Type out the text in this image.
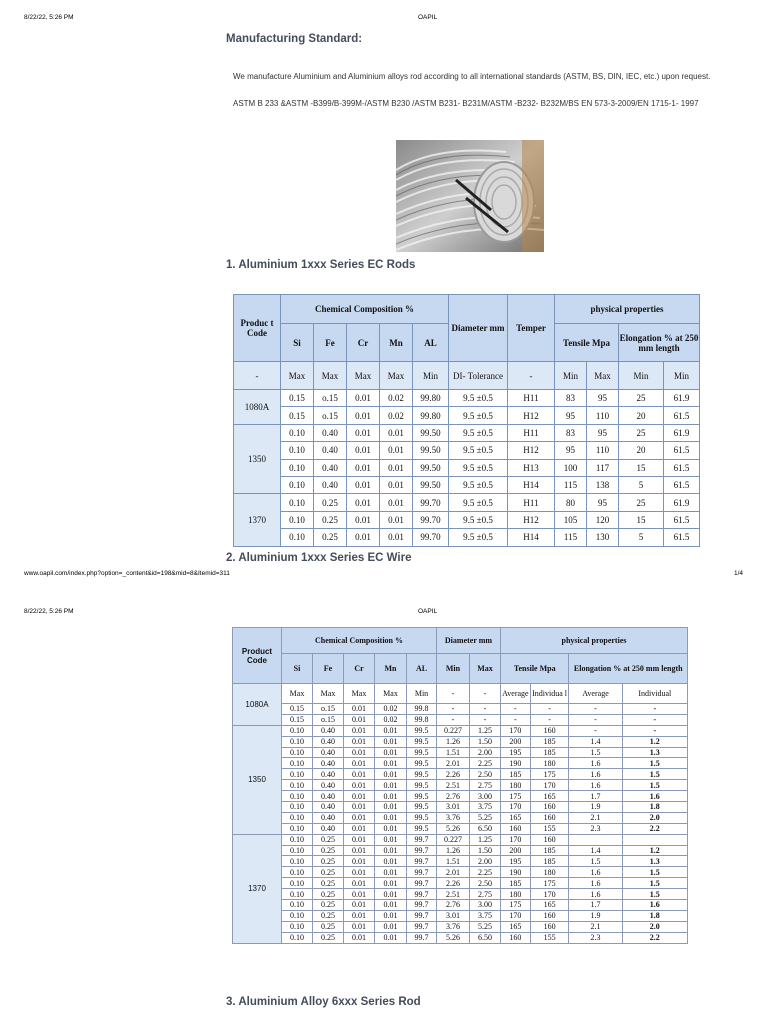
8/22/22, 5:26 PM	OAPIL
Manufacturing Standard:
We manufacture Aluminium and Aluminium alloys rod according to all international standards (ASTM, BS, DIN, IEC, etc.) upon request.
ASTM B 233 &ASTM -B399/B-399M-/ASTM B230 /ASTM B231- B231M/ASTM -B232- B232M/BS EN 573-3-2009/EN 1715-1- 1997
1. Aluminium 1xxx Series EC Rods
Produc t Code	Chemical Composition %					Diameter mm	Temper	physical properties			
	Si	Fe	Cr	Mn	AL			Tensile Mpa		Elongation % at 250 mm length	
-	Max	Max	Max	Max	Min	DI- Tolerance	-	Min	Max	Min	Min
1080A	0.15	o.15	0.01	0.02	99.80	9.5 ±0.5	H11	83	95	25	61.9
	0.15	o.15	0.01	0.02	99.80	9.5 ±0.5	H12	95	110	20	61.5
1350	0.10	0.40	0.01	0.01	99.50	9.5 ±0.5	H11	83	95	25	61.9
	0.10	0.40	0.01	0.01	99.50	9.5 ±0.5	H12	95	110	20	61.5
	0.10	0.40	0.01	0.01	99.50	9.5 ±0.5	H13	100	117	15	61.5
	0.10	0.40	0.01	0.01	99.50	9.5 ±0.5	H14	115	138	5	61.5
1370	0.10	0.25	0.01	0.01	99.70	9.5 ±0.5	H11	80	95	25	61.9
	0.10	0.25	0.01	0.01	99.70	9.5 ±0.5	H12	105	120	15	61.5
	0.10	0.25	0.01	0.01	99.70	9.5 ±0.5	H14	115	130	5	61.5
2. Aluminium 1xxx Series EC Wire
www.oapil.com/index.php?option=_content&id=198&mid=8&Itemid=311	1/4
8/22/22, 5:26 PM	OAPIL
Product Code	Chemical Composition %					Diameter mm		physical properties			
	Si	Fe	Cr	Mn	AL	Min	Max	Tensile Mpa		Elongation % at 250 mm length	
1080A	Max	Max	Max	Max	Min	-	-	Average	Individua l	Average	Individual
	0.15	o.15	0.01	0.02	99.8	-	-	-	-	-	-
	0.15	o.15	0.01	0.02	99.8	-	-	-	-	-	-
1350	0.10	0.40	0.01	0.01	99.5	0.227	1.25	170	160	-	-
	0.10	0.40	0.01	0.01	99.5	1.26	1.50	200	185	1.4	1.2
	0.10	0.40	0.01	0.01	99.5	1.51	2.00	195	185	1.5	1.3
	0.10	0.40	0.01	0.01	99.5	2.01	2.25	190	180	1.6	1.5
	0.10	0.40	0.01	0.01	99.5	2.26	2.50	185	175	1.6	1.5
	0.10	0.40	0.01	0.01	99.5	2.51	2.75	180	170	1.6	1.5
	0.10	0.40	0.01	0.01	99.5	2.76	3.00	175	165	1.7	1.6
	0.10	0.40	0.01	0.01	99.5	3.01	3.75	170	160	1.9	1.8
	0.10	0.40	0.01	0.01	99.5	3.76	5.25	165	160	2.1	2.0
	0.10	0.40	0.01	0.01	99.5	5.26	6.50	160	155	2.3	2.2
1370	0.10	0.25	0.01	0.01	99.7	0.227	1.25	170	160		
	0.10	0.25	0.01	0.01	99.7	1.26	1.50	200	185	1.4	1.2
	0.10	0.25	0.01	0.01	99.7	1.51	2.00	195	185	1.5	1.3
	0.10	0.25	0.01	0.01	99.7	2.01	2.25	190	180	1.6	1.5
	0.10	0.25	0.01	0.01	99.7	2.26	2.50	185	175	1.6	1.5
	0.10	0.25	0.01	0.01	99.7	2.51	2.75	180	170	1.6	1.5
	0.10	0.25	0.01	0.01	99.7	2.76	3.00	175	165	1.7	1.6
	0.10	0.25	0.01	0.01	99.7	3.01	3.75	170	160	1.9	1.8
	0.10	0.25	0.01	0.01	99.7	3.76	5.25	165	160	2.1	2.0
	0.10	0.25	0.01	0.01	99.7	5.26	6.50	160	155	2.3	2.2
3. Aluminium Alloy 6xxx Series Rod
